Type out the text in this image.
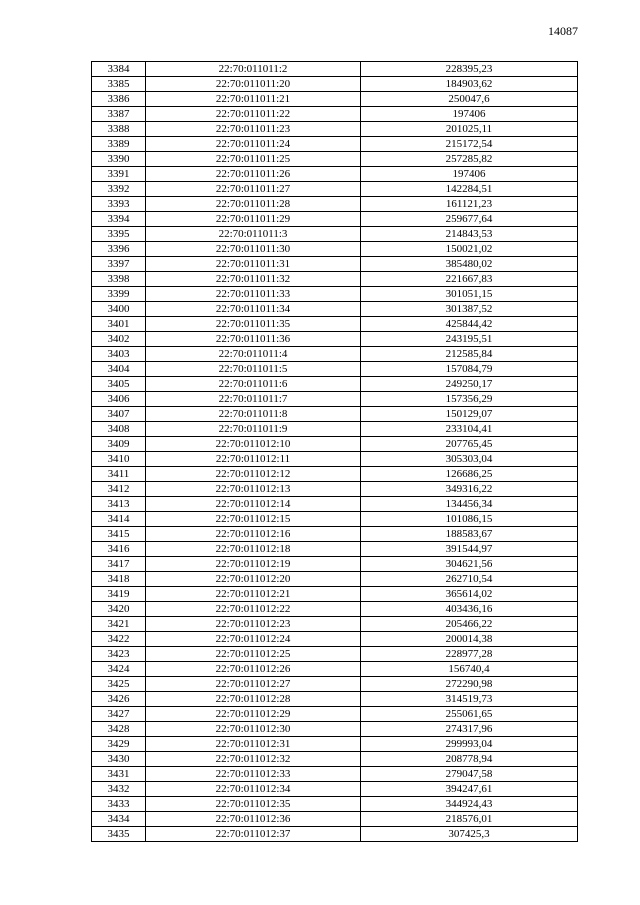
14087
3384	22:70:011011:2	228395,23
3385	22:70:011011:20	184903,62
3386	22:70:011011:21	250047,6
3387	22:70:011011:22	197406
3388	22:70:011011:23	201025,11
3389	22:70:011011:24	215172,54
3390	22:70:011011:25	257285,82
3391	22:70:011011:26	197406
3392	22:70:011011:27	142284,51
3393	22:70:011011:28	161121,23
3394	22:70:011011:29	259677,64
3395	22:70:011011:3	214843,53
3396	22:70:011011:30	150021,02
3397	22:70:011011:31	385480,02
3398	22:70:011011:32	221667,83
3399	22:70:011011:33	301051,15
3400	22:70:011011:34	301387,52
3401	22:70:011011:35	425844,42
3402	22:70:011011:36	243195,51
3403	22:70:011011:4	212585,84
3404	22:70:011011:5	157084,79
3405	22:70:011011:6	249250,17
3406	22:70:011011:7	157356,29
3407	22:70:011011:8	150129,07
3408	22:70:011011:9	233104,41
3409	22:70:011012:10	207765,45
3410	22:70:011012:11	305303,04
3411	22:70:011012:12	126686,25
3412	22:70:011012:13	349316,22
3413	22:70:011012:14	134456,34
3414	22:70:011012:15	101086,15
3415	22:70:011012:16	188583,67
3416	22:70:011012:18	391544,97
3417	22:70:011012:19	304621,56
3418	22:70:011012:20	262710,54
3419	22:70:011012:21	365614,02
3420	22:70:011012:22	403436,16
3421	22:70:011012:23	205466,22
3422	22:70:011012:24	200014,38
3423	22:70:011012:25	228977,28
3424	22:70:011012:26	156740,4
3425	22:70:011012:27	272290,98
3426	22:70:011012:28	314519,73
3427	22:70:011012:29	255061,65
3428	22:70:011012:30	274317,96
3429	22:70:011012:31	299993,04
3430	22:70:011012:32	208778,94
3431	22:70:011012:33	279047,58
3432	22:70:011012:34	394247,61
3433	22:70:011012:35	344924,43
3434	22:70:011012:36	218576,01
3435	22:70:011012:37	307425,3
